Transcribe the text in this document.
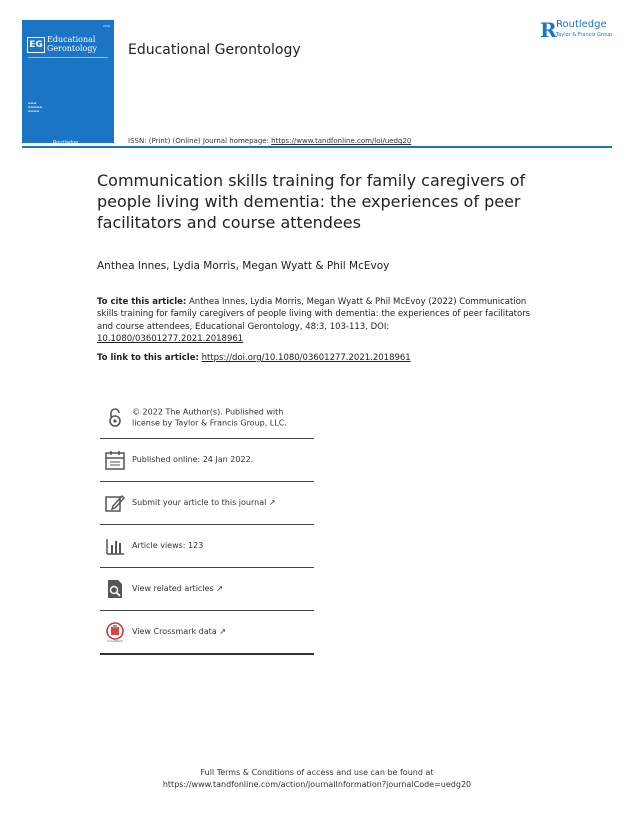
ISSN
EG
Educational
Gerontology
▬▬▬
▬▬▬▬▬
▬▬▬▬
Routledge
Educational Gerontology
R Routledge
Taylor & Francis Group
ISSN: (Print) (Online) Journal homepage: https://www.tandfonline.com/loi/uedg20
Communication skills training for family caregivers of people living with dementia: the experiences of peer facilitators and course attendees
Anthea Innes, Lydia Morris, Megan Wyatt & Phil McEvoy
To cite this article: Anthea Innes, Lydia Morris, Megan Wyatt & Phil McEvoy (2022) Communication skills training for family caregivers of people living with dementia: the experiences of peer facilitators and course attendees, Educational Gerontology, 48:3, 103-113, DOI: 10.1080/03601277.2021.2018961
To link to this article: https://doi.org/10.1080/03601277.2021.2018961
© 2022 The Author(s). Published with license by Taylor & Francis Group, LLC.
Published online: 24 Jan 2022.
Submit your article to this journal ↗
Article views: 123
View related articles ↗
CrossMark
View Crossmark data ↗
Full Terms & Conditions of access and use can be found at
https://www.tandfonline.com/action/journalInformation?journalCode=uedg20
